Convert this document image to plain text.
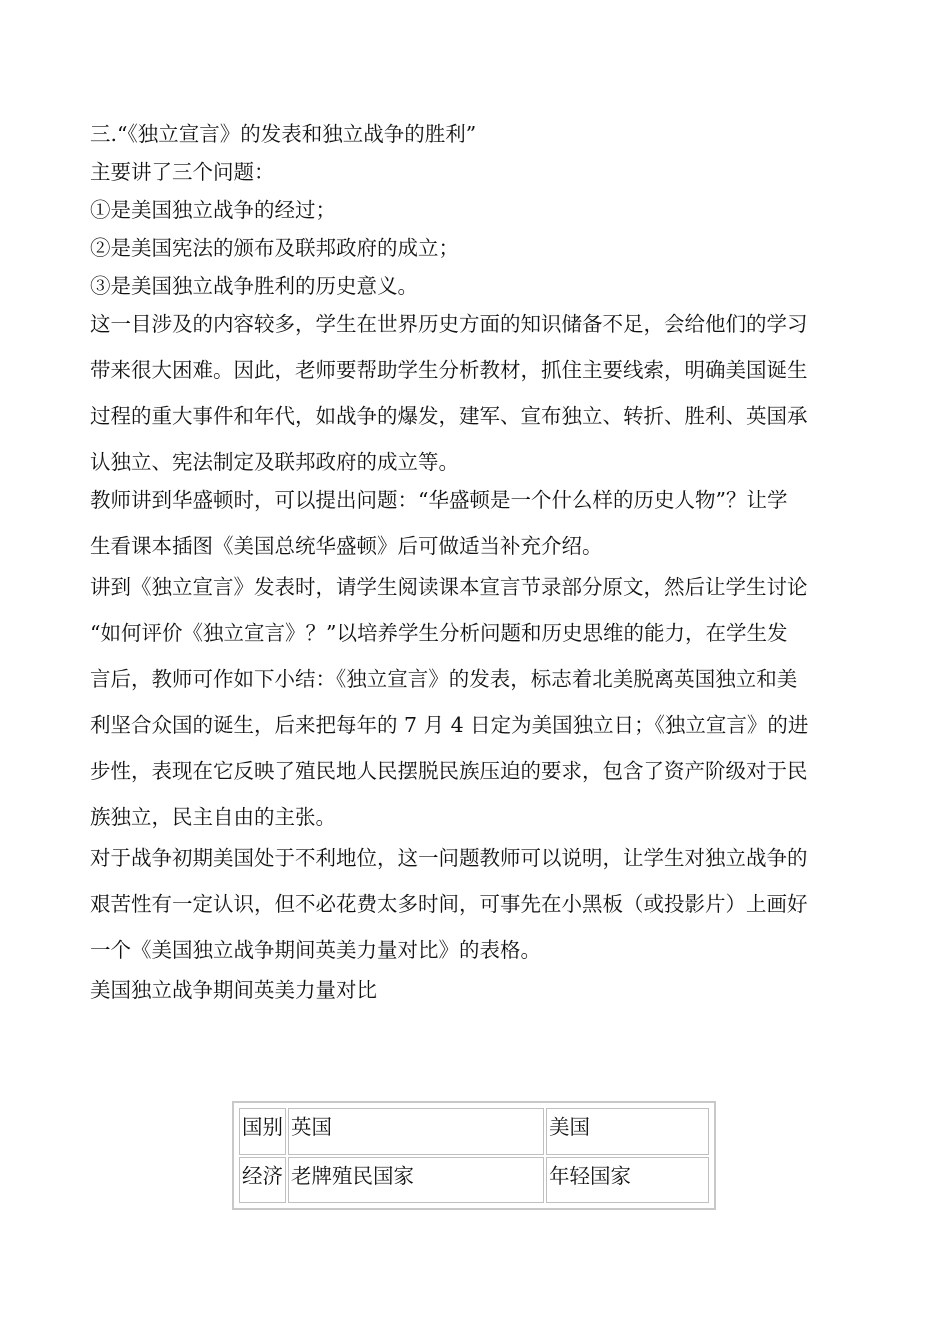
三.“《独立宣言》的发表和独立战争的胜利”

主要讲了三个问题：

①是美国独立战争的经过；

②是美国宪法的颁布及联邦政府的成立；

③是美国独立战争胜利的历史意义。

这一目涉及的内容较多，学生在世界历史方面的知识储备不足，会给他们的学习

带来很大困难。因此，老师要帮助学生分析教材，抓住主要线索，明确美国诞生

过程的重大事件和年代，如战争的爆发，建军、宣布独立、转折、胜利、英国承

认独立、宪法制定及联邦政府的成立等。

教师讲到华盛顿时，可以提出问题：“华盛顿是一个什么样的历史人物”？让学

生看课本插图《美国总统华盛顿》后可做适当补充介绍。

讲到《独立宣言》发表时，请学生阅读课本宣言节录部分原文，然后让学生讨论

“如何评价《独立宣言》？”以培养学生分析问题和历史思维的能力，在学生发

言后，教师可作如下小结：《独立宣言》的发表，标志着北美脱离英国独立和美

利坚合众国的诞生，后来把每年的 7 月 4 日定为美国独立日；《独立宣言》的进

步性，表现在它反映了殖民地人民摆脱民族压迫的要求，包含了资产阶级对于民

族独立，民主自由的主张。

对于战争初期美国处于不利地位，这一问题教师可以说明，让学生对独立战争的

艰苦性有一定认识，但不必花费太多时间，可事先在小黑板（或投影片）上画好

一个《美国独立战争期间英美力量对比》的表格。

美国独立战争期间英美力量对比

国别	英国	美国
经济	老牌殖民国家	年轻国家
